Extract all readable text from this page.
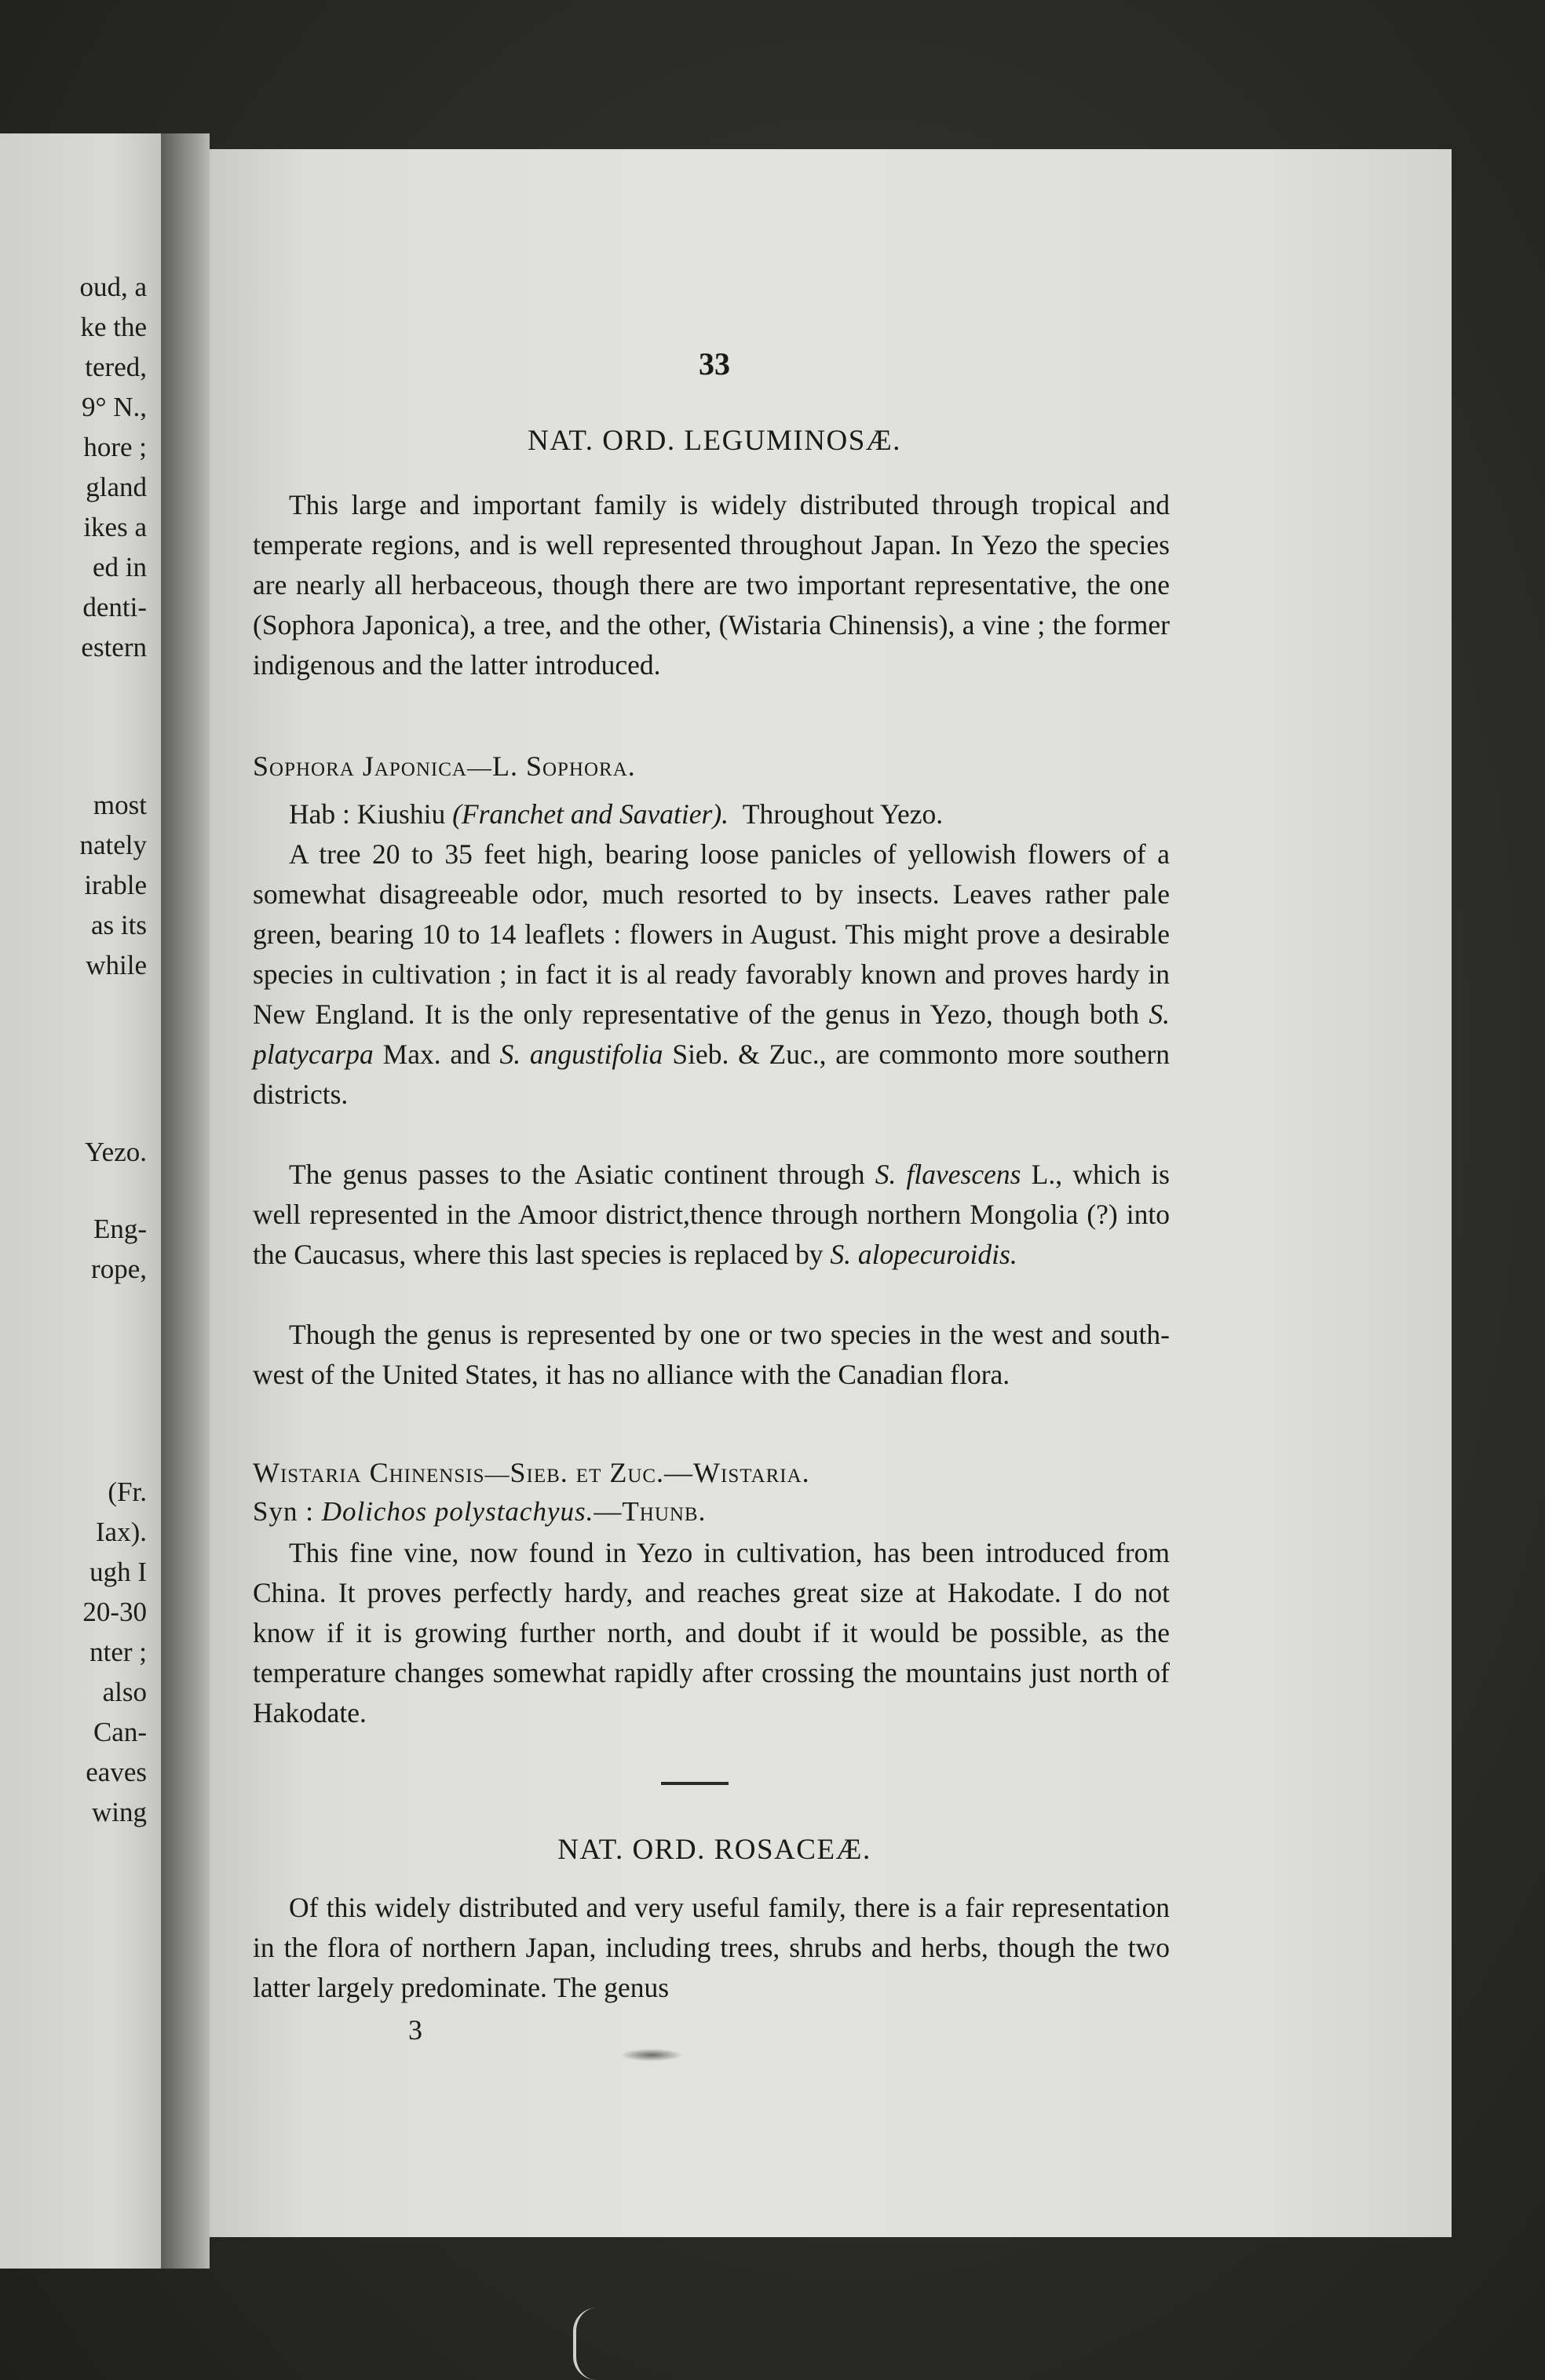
oud, a
ke the
tered,
9° N.,
hore ;
gland
ikes a
ed in
denti-
estern
most
nately
irable
as its
while
Yezo.
Eng-
rope,
(Fr.
Iax).
ugh I
20-30
nter ;
also
Can-
eaves
wing
33
NAT. ORD. LEGUMINOSÆ.
This large and important family is widely distributed through tropical and temperate regions, and is well represented throughout Japan. In Yezo the species are nearly all herbaceous, though there are two important representative, the one (Sophora Japonica), a tree, and the other, (Wistaria Chinensis), a vine ; the former indigenous and the latter introduced.
Sophora Japonica—L. Sophora.
Hab : Kiushiu (Franchet and Savatier). Throughout Yezo.
A tree 20 to 35 feet high, bearing loose panicles of yellowish flowers of a somewhat disagreeable odor, much resorted to by insects. Leaves rather pale green, bearing 10 to 14 leaflets : flowers in August. This might prove a desirable species in cultivation ; in fact it is al ready favorably known and proves hardy in New England. It is the only representative of the genus in Yezo, though both S. platycarpa Max. and S. angustifolia Sieb. & Zuc., are commonto more southern districts.
The genus passes to the Asiatic continent through S. flavescens L., which is well represented in the Amoor district,thence through northern Mongolia (?) into the Caucasus, where this last species is replaced by S. alopecuroidis.
Though the genus is represented by one or two species in the west and south-west of the United States, it has no alliance with the Canadian flora.
Wistaria Chinensis—Sieb. et Zuc.—Wistaria.
Syn : Dolichos polystachyus.—Thunb.
This fine vine, now found in Yezo in cultivation, has been introduced from China. It proves perfectly hardy, and reaches great size at Hakodate. I do not know if it is growing further north, and doubt if it would be possible, as the temperature changes somewhat rapidly after crossing the mountains just north of Hakodate.
NAT. ORD. ROSACEÆ.
Of this widely distributed and very useful family, there is a fair representation in the flora of northern Japan, including trees, shrubs and herbs, though the two latter largely predominate. The genus
3
